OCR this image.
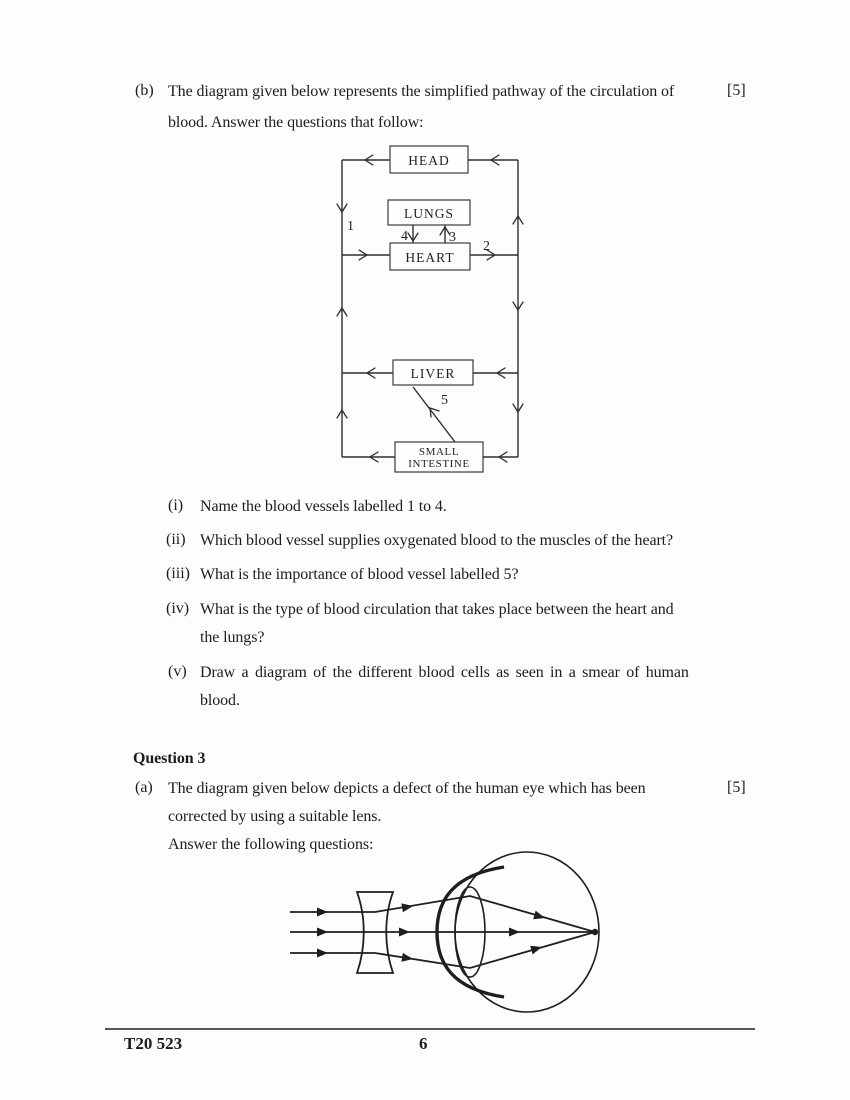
(b) The diagram given below represents the simplified pathway of the circulation of
blood. Answer the questions that follow:
[5]
HEAD
LUNGS
HEART
LIVER
SMALL
INTESTINE
1
2
3
4
5
(i) Name the blood vessels labelled 1 to 4.
(ii) Which blood vessel supplies oxygenated blood to the muscles of the heart?
(iii) What is the importance of blood vessel labelled 5?
(iv) What is the type of blood circulation that takes place between the heart and
the lungs?
(v) Draw a diagram of the different blood cells as seen in a smear of human
blood.
Question 3
(a) The diagram given below depicts a defect of the human eye which has been
corrected by using a suitable lens.
Answer the following questions:
[5]
T20 523	6
